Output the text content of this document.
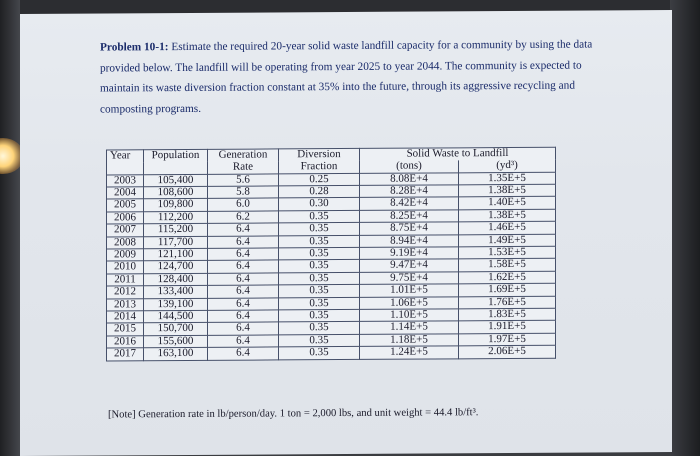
Problem 10-1: Estimate the required 20-year solid waste landfill capacity for a community by using the data provided below. The landfill will be operating from year 2025 to year 2044. The community is expected to maintain its waste diversion fraction constant at 35% into the future, through its aggressive recycling and composting programs.

Year	Population	Generation	Diversion	Solid Waste to Landfill	
		Rate	Fraction	(tons)	(yd³)
2003	105,400	5.6	0.25	8.08E+4	1.35E+5
2004	108,600	5.8	0.28	8.28E+4	1.38E+5
2005	109,800	6.0	0.30	8.42E+4	1.40E+5
2006	112,200	6.2	0.35	8.25E+4	1.38E+5
2007	115,200	6.4	0.35	8.75E+4	1.46E+5
2008	117,700	6.4	0.35	8.94E+4	1.49E+5
2009	121,100	6.4	0.35	9.19E+4	1.53E+5
2010	124,700	6.4	0.35	9.47E+4	1.58E+5
2011	128,400	6.4	0.35	9.75E+4	1.62E+5
2012	133,400	6.4	0.35	1.01E+5	1.69E+5
2013	139,100	6.4	0.35	1.06E+5	1.76E+5
2014	144,500	6.4	0.35	1.10E+5	1.83E+5
2015	150,700	6.4	0.35	1.14E+5	1.91E+5
2016	155,600	6.4	0.35	1.18E+5	1.97E+5
2017	163,100	6.4	0.35	1.24E+5	2.06E+5
[Note] Generation rate in lb/person/day. 1 ton = 2,000 lbs, and unit weight = 44.4 lb/ft³.
